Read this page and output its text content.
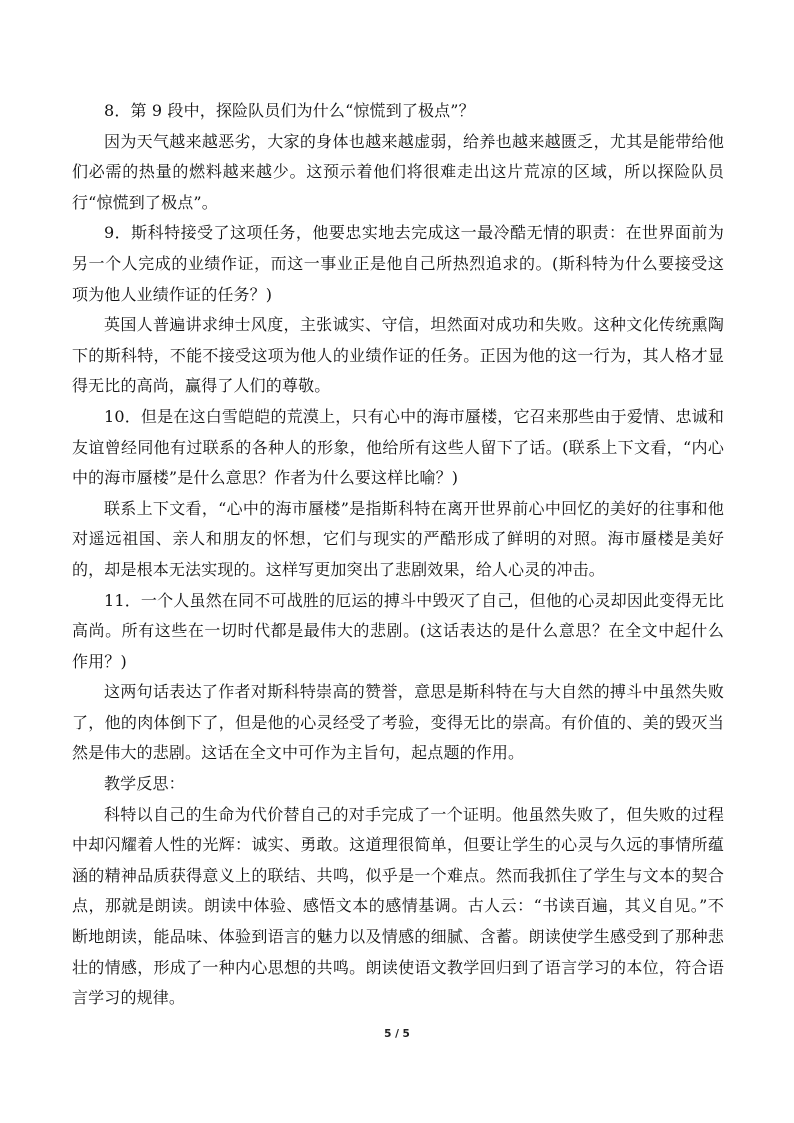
8．第 9 段中，探险队员们为什么“惊慌到了极点”？

因为天气越来越恶劣，大家的身体也越来越虚弱，给养也越来越匮乏，尤其是能带给他们必需的热量的燃料越来越少。这预示着他们将很难走出这片荒凉的区域，所以探险队员行“惊慌到了极点”。

9．斯科特接受了这项任务，他要忠实地去完成这一最冷酷无情的职责：在世界面前为另一个人完成的业绩作证，而这一事业正是他自己所热烈追求的。(斯科特为什么要接受这项为他人业绩作证的任务？)

英国人普遍讲求绅士风度，主张诚实、守信，坦然面对成功和失败。这种文化传统熏陶下的斯科特，不能不接受这项为他人的业绩作证的任务。正因为他的这一行为，其人格才显得无比的高尚，赢得了人们的尊敬。

10．但是在这白雪皑皑的荒漠上，只有心中的海市蜃楼，它召来那些由于爱情、忠诚和友谊曾经同他有过联系的各种人的形象，他给所有这些人留下了话。(联系上下文看，“内心中的海市蜃楼”是什么意思？作者为什么要这样比喻？)

联系上下文看，“心中的海市蜃楼”是指斯科特在离开世界前心中回忆的美好的往事和他对遥远祖国、亲人和朋友的怀想，它们与现实的严酷形成了鲜明的对照。海市蜃楼是美好的，却是根本无法实现的。这样写更加突出了悲剧效果，给人心灵的冲击。

11．一个人虽然在同不可战胜的厄运的搏斗中毁灭了自己，但他的心灵却因此变得无比高尚。所有这些在一切时代都是最伟大的悲剧。(这话表达的是什么意思？在全文中起什么作用？)

这两句话表达了作者对斯科特崇高的赞誉，意思是斯科特在与大自然的搏斗中虽然失败了，他的肉体倒下了，但是他的心灵经受了考验，变得无比的崇高。有价值的、美的毁灭当然是伟大的悲剧。这话在全文中可作为主旨句，起点题的作用。

教学反思：

科特以自己的生命为代价替自己的对手完成了一个证明。他虽然失败了，但失败的过程中却闪耀着人性的光辉：诚实、勇敢。这道理很简单，但要让学生的心灵与久远的事情所蕴涵的精神品质获得意义上的联结、共鸣，似乎是一个难点。然而我抓住了学生与文本的契合点，那就是朗读。朗读中体验、感悟文本的感情基调。古人云：“书读百遍，其义自见。”不断地朗读，能品味、体验到语言的魅力以及情感的细腻、含蓄。朗读使学生感受到了那种悲壮的情感，形成了一种内心思想的共鸣。朗读使语文教学回归到了语言学习的本位，符合语言学习的规律。

5 / 5
